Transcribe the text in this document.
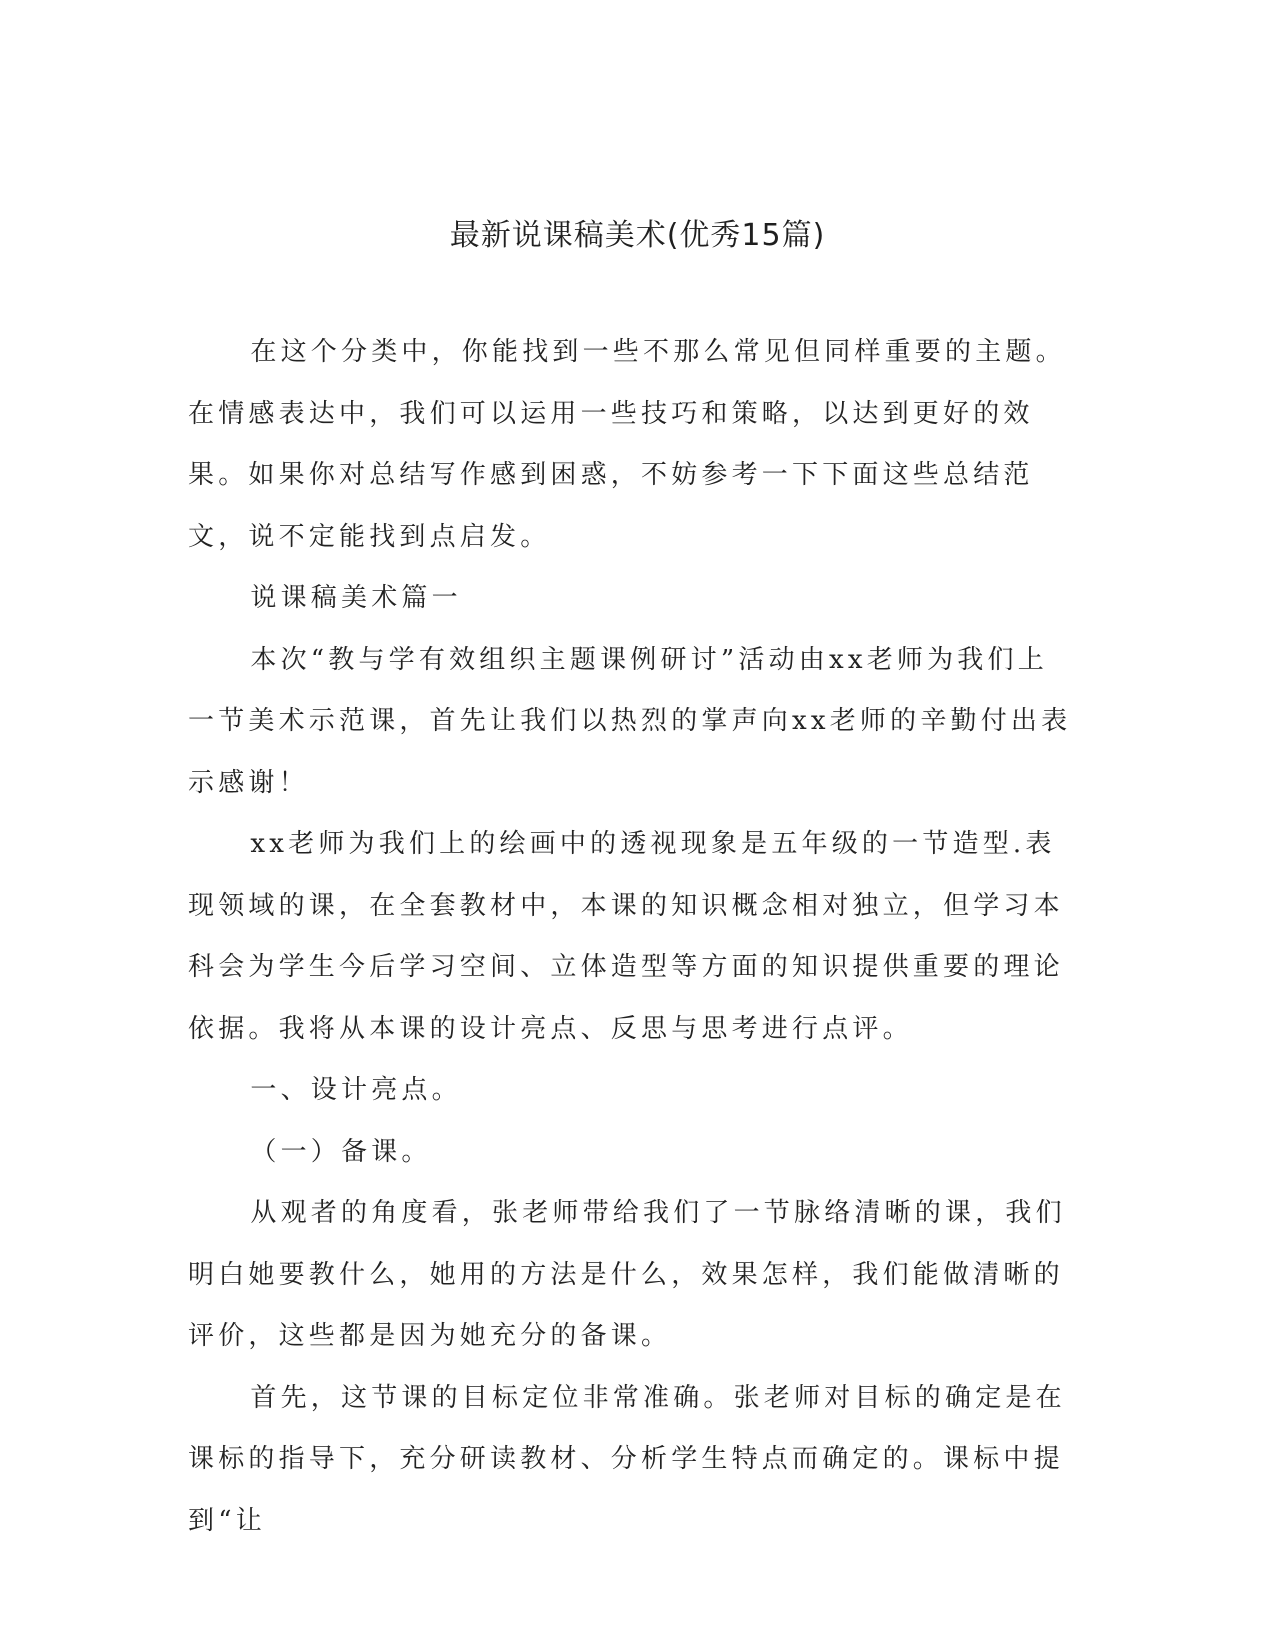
最新说课稿美术(优秀15篇)

在这个分类中，你能找到一些不那么常见但同样重要的主题。在情感表达中，我们可以运用一些技巧和策略，以达到更好的效果。如果你对总结写作感到困惑，不妨参考一下下面这些总结范文，说不定能找到点启发。

说课稿美术篇一

本次“教与学有效组织主题课例研讨”活动由xx老师为我们上一节美术示范课，首先让我们以热烈的掌声向xx老师的辛勤付出表示感谢！

xx老师为我们上的绘画中的透视现象是五年级的一节造型.表现领域的课，在全套教材中，本课的知识概念相对独立，但学习本科会为学生今后学习空间、立体造型等方面的知识提供重要的理论依据。我将从本课的设计亮点、反思与思考进行点评。

一、设计亮点。

（一）备课。

从观者的角度看，张老师带给我们了一节脉络清晰的课，我们明白她要教什么，她用的方法是什么，效果怎样，我们能做清晰的评价，这些都是因为她充分的备课。

首先，这节课的目标定位非常准确。张老师对目标的确定是在课标的指导下，充分研读教材、分析学生特点而确定的。课标中提到“让
